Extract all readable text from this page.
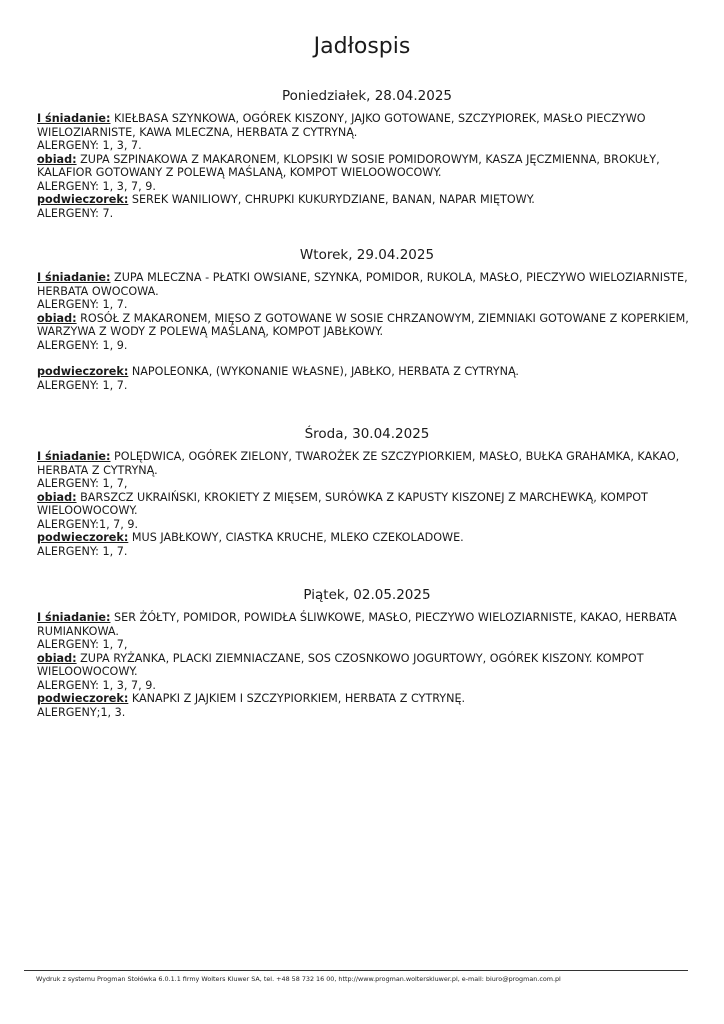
Jadłospis
Poniedziałek, 28.04.2025
I śniadanie: KIEŁBASA SZYNKOWA, OGÓREK KISZONY, JAJKO GOTOWANE, SZCZYPIOREK, MASŁO PIECZYWO WIELOZIARNISTE, KAWA MLECZNA, HERBATA Z CYTRYNĄ.
ALERGENY: 1, 3, 7.
obiad: ZUPA SZPINAKOWA Z MAKARONEM, KLOPSIKI W SOSIE POMIDOROWYM, KASZA JĘCZMIENNA, BROKUŁY, KALAFIOR GOTOWANY Z POLEWĄ MAŚLANĄ, KOMPOT WIELOOWOCOWY.
ALERGENY: 1, 3, 7, 9.
podwieczorek: SEREK WANILIOWY, CHRUPKI KUKURYDZIANE, BANAN, NAPAR MIĘTOWY.
ALERGENY: 7.
Wtorek, 29.04.2025
I śniadanie: ZUPA MLECZNA - PŁATKI OWSIANE, SZYNKA, POMIDOR, RUKOLA, MASŁO, PIECZYWO WIELOZIARNISTE, HERBATA OWOCOWA.
ALERGENY: 1, 7.
obiad: ROSÓŁ Z MAKARONEM, MIĘSO Z GOTOWANE W SOSIE CHRZANOWYM, ZIEMNIAKI GOTOWANE Z KOPERKIEM, WARZYWA Z WODY Z POLEWĄ MAŚLANĄ, KOMPOT JABŁKOWY.
ALERGENY: 1, 9.
podwieczorek: NAPOLEONKA, (WYKONANIE WŁASNE), JABŁKO, HERBATA Z CYTRYNĄ.
ALERGENY: 1, 7.
Środa, 30.04.2025
I śniadanie: POLĘDWICA, OGÓREK ZIELONY, TWAROŻEK ZE SZCZYPIORKIEM, MASŁO, BUŁKA GRAHAMKA, KAKAO, HERBATA Z CYTRYNĄ.
ALERGENY: 1, 7,
obiad: BARSZCZ UKRAIŃSKI, KROKIETY Z MIĘSEM, SURÓWKA Z KAPUSTY KISZONEJ Z MARCHEWKĄ, KOMPOT WIELOOWOCOWY.
ALERGENY:1, 7, 9.
podwieczorek: MUS JABŁKOWY, CIASTKA KRUCHE, MLEKO CZEKOLADOWE.
ALERGENY: 1, 7.
Piątek, 02.05.2025
I śniadanie: SER ŻÓŁTY, POMIDOR, POWIDŁA ŚLIWKOWE, MASŁO, PIECZYWO WIELOZIARNISTE, KAKAO, HERBATA RUMIANKOWA.
ALERGENY: 1, 7,
obiad: ZUPA RYŻANKA, PLACKI ZIEMNIACZANE, SOS CZOSNKOWO JOGURTOWY, OGÓREK KISZONY. KOMPOT WIELOOWOCOWY.
ALERGENY: 1, 3, 7, 9.
podwieczorek: KANAPKI Z JAJKIEM I SZCZYPIORKIEM, HERBATA Z CYTRYNĘ.
ALERGENY;1, 3.
Wydruk z systemu Progman Stołówka 6.0.1.1 firmy Wolters Kluwer SA, tel. +48 58 732 16 00, http://www.progman.wolterskluwer.pl, e-mail: biuro@progman.com.pl
